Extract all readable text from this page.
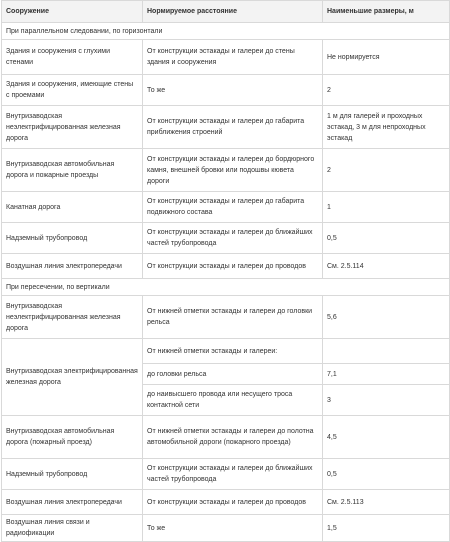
Сооружение	Нормируемое расстояние	Наименьшие размеры, м
При параллельном следовании, по горизонтали		
Здания и сооружения с глухими стенами	От конструкции эстакады и галереи до стены здания и сооружения	Не нормируется
Здания и сооружения, имеющие стены с проемами	То же	2
Внутризаводская неэлектрифицированная железная дорога	От конструкции эстакады и галереи до габарита приближения строений	1 м для галерей и проходных эстакад, 3 м для непроходных эстакад
Внутризаводская автомобильная дорога и пожарные проезды	От конструкции эстакады и галереи до бордюрного камня, внешней бровки или подошвы кювета дороги	2
Канатная дорога	От конструкции эстакады и галереи до габарита подвижного состава	1
Надземный трубопровод	От конструкции эстакады и галереи до ближайших частей трубопровода	0,5
Воздушная линия электропередачи	От конструкции эстакады и галереи до проводов	См. 2.5.114
При пересечении, по вертикали		
Внутризаводская неэлектрифицированная железная дорога	От нижней отметки эстакады и галереи до головки рельса	5,6
Внутризаводская электрифицированная железная дорога	От нижней отметки эстакады и галереи:	
	до головки рельса	7,1
	до наивысшего провода или несущего троса контактной сети	3
Внутризаводская автомобильная дорога (пожарный проезд)	От нижней отметки эстакады и галереи до полотна автомобильной дороги (пожарного проезда)	4,5
Надземный трубопровод	От конструкции эстакады и галереи до ближайших частей трубопровода	0,5
Воздушная линия электропередачи	От конструкции эстакады и галереи до проводов	См. 2.5.113
Воздушная линия связи и радиофикации	То же	1,5
